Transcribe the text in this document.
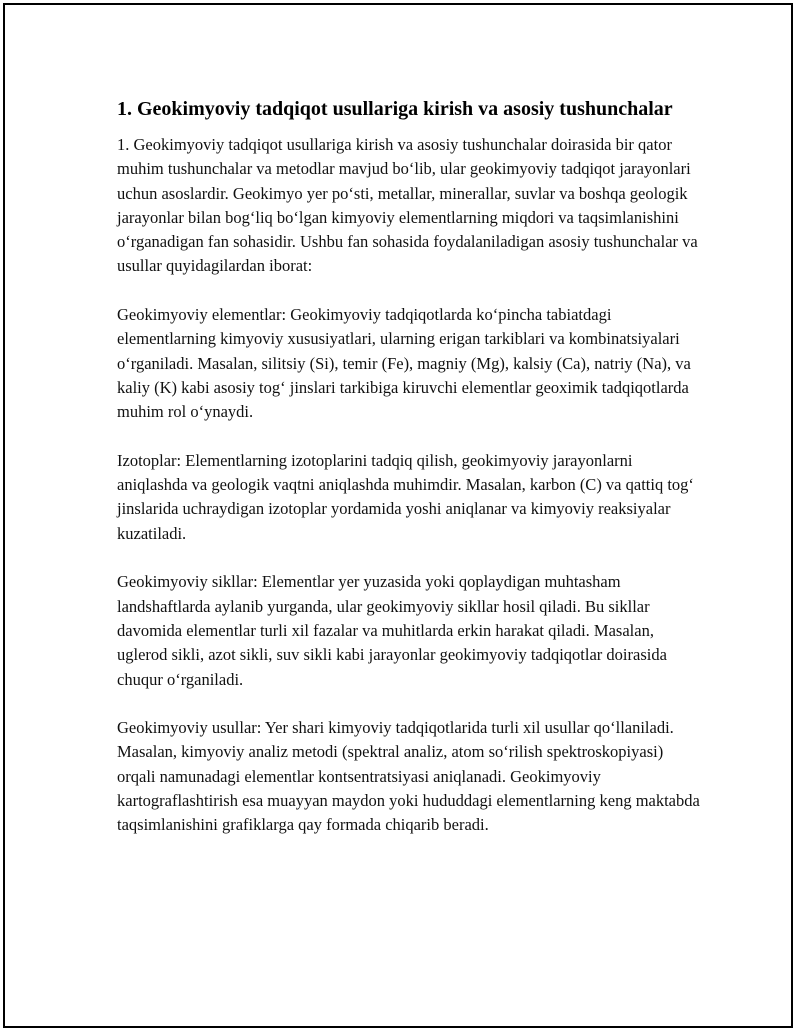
1. Geokimyoviy tadqiqot usullariga kirish va asosiy tushunchalar

1. Geokimyoviy tadqiqot usullariga kirish va asosiy tushunchalar doirasida bir qator muhim tushunchalar va metodlar mavjud bo‘lib, ular geokimyoviy tadqiqot jarayonlari uchun asoslardir. Geokimyo yer po‘sti, metallar, minerallar, suvlar va boshqa geologik jarayonlar bilan bog‘liq bo‘lgan kimyoviy elementlarning miqdori va taqsimlanishini o‘rganadigan fan sohasidir. Ushbu fan sohasida foydalaniladigan asosiy tushunchalar va usullar quyidagilardan iborat:

Geokimyoviy elementlar: Geokimyoviy tadqiqotlarda ko‘pincha tabiatdagi elementlarning kimyoviy xususiyatlari, ularning erigan tarkiblari va kombinatsiyalari o‘rganiladi. Masalan, silitsiy (Si), temir (Fe), magniy (Mg), kalsiy (Ca), natriy (Na), va kaliy (K) kabi asosiy tog‘ jinslari tarkibiga kiruvchi elementlar geoximik tadqiqotlarda muhim rol o‘ynaydi.

Izotoplar: Elementlarning izotoplarini tadqiq qilish, geokimyoviy jarayonlarni aniqlashda va geologik vaqtni aniqlashda muhimdir. Masalan, karbon (C) va qattiq tog‘ jinslarida uchraydigan izotoplar yordamida yoshi aniqlanar va kimyoviy reaksiyalar kuzatiladi.

Geokimyoviy sikllar: Elementlar yer yuzasida yoki qoplaydigan muhtasham landshaftlarda aylanib yurganda, ular geokimyoviy sikllar hosil qiladi. Bu sikllar davomida elementlar turli xil fazalar va muhitlarda erkin harakat qiladi. Masalan, uglerod sikli, azot sikli, suv sikli kabi jarayonlar geokimyoviy tadqiqotlar doirasida chuqur o‘rganiladi.

Geokimyoviy usullar: Yer shari kimyoviy tadqiqotlarida turli xil usullar qo‘llaniladi. Masalan, kimyoviy analiz metodi (spektral analiz, atom so‘rilish spektroskopiyasi) orqali namunadagi elementlar kontsentratsiyasi aniqlanadi. Geokimyoviy kartograflashtirish esa muayyan maydon yoki hududdagi elementlarning keng maktabda taqsimlanishini grafiklarga qay formada chiqarib beradi.
